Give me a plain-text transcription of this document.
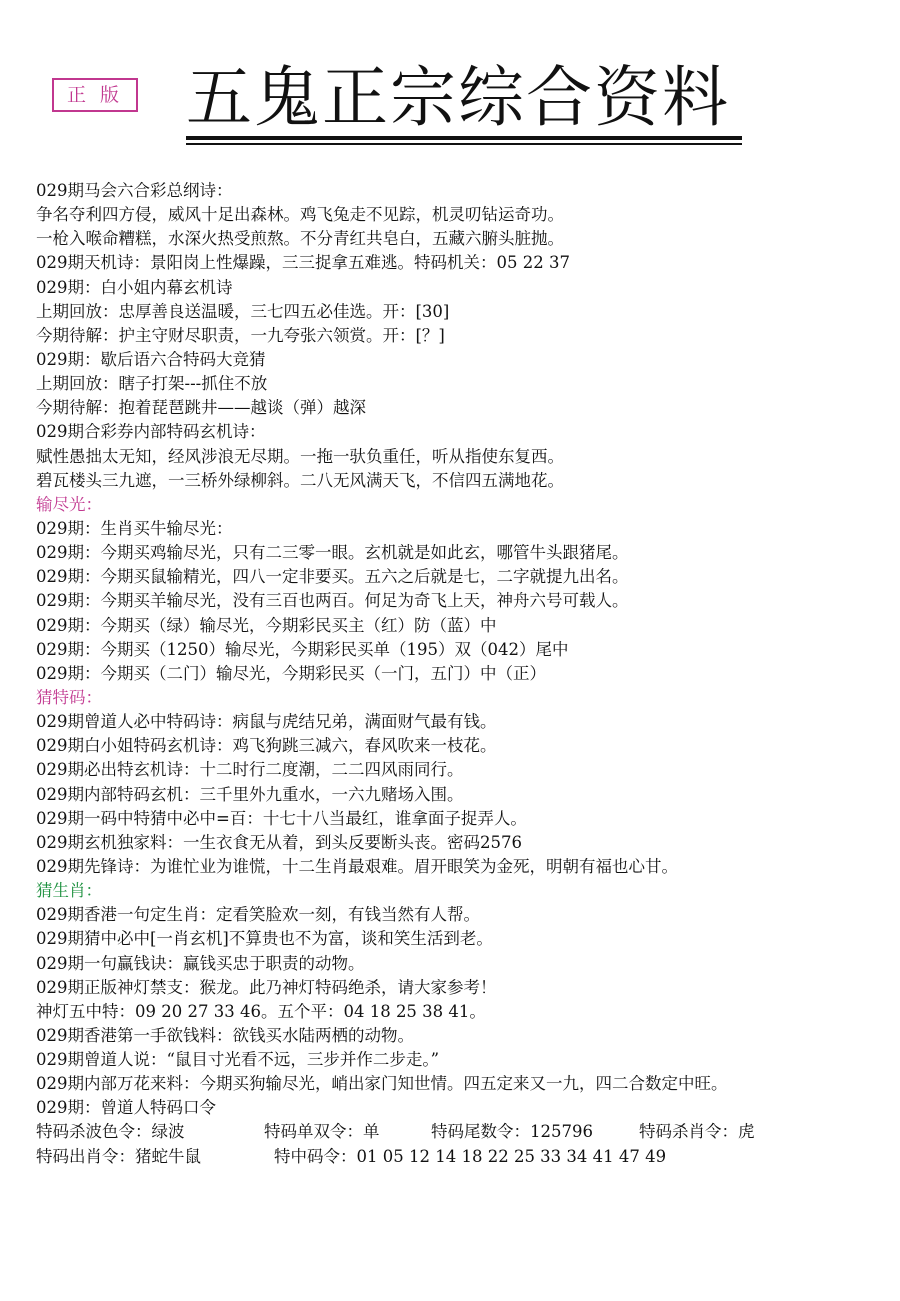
正 版 五鬼正宗综合资料
029期马会六合彩总纲诗：
争名夺利四方侵，威风十足出森林。鸡飞兔走不见踪，机灵叨钻运奇功。
一枪入喉命糟糕，水深火热受煎熬。不分青红共皂白，五藏六腑头脏抛。
029期天机诗：景阳岗上性爆躁，三三捉拿五难逃。特码机关：05 22 37
029期：白小姐内幕玄机诗
上期回放：忠厚善良送温暖，三七四五必佳选。开：[30]
今期待解：护主守财尽职责，一九夸张六领赏。开：[？]
029期：歇后语六合特码大竞猜
上期回放：瞎子打架---抓住不放
今期待解：抱着琵琶跳井——越谈（弹）越深
029期合彩券内部特码玄机诗：
赋性愚拙太无知，经风涉浪无尽期。一拖一驮负重任，听从指使东复西。
碧瓦楼头三九遮，一三桥外绿柳斜。二八无风满天飞，不信四五满地花。
输尽光：
029期：生肖买牛输尽光：
029期：今期买鸡输尽光，只有二三零一眼。玄机就是如此玄，哪管牛头跟猪尾。
029期：今期买鼠输精光，四八一定非要买。五六之后就是七，二字就提九出名。
029期：今期买羊输尽光，没有三百也两百。何足为奇飞上天，神舟六号可载人。
029期：今期买（绿）输尽光，今期彩民买主（红）防（蓝）中
029期：今期买（1250）输尽光，今期彩民买单（195）双（042）尾中
029期：今期买（二门）输尽光，今期彩民买（一门，五门）中（正）
猜特码：
029期曾道人必中特码诗：病鼠与虎结兄弟，满面财气最有钱。
029期白小姐特码玄机诗：鸡飞狗跳三减六，春风吹来一枝花。
029期必出特玄机诗：十二时行二度潮，二二四风雨同行。
029期内部特码玄机：三千里外九重水，一六九赌场入围。
029期一码中特猜中必中=百：十七十八当最红，谁拿面子捉弄人。
029期玄机独家料：一生衣食无从着，到头反要断头丧。密码2576
029期先锋诗：为谁忙业为谁慌，十二生肖最艰难。眉开眼笑为金死，明朝有福也心甘。
猜生肖：
029期香港一句定生肖：定看笑脸欢一刻，有钱当然有人帮。
029期猜中必中[一肖玄机]不算贵也不为富，谈和笑生活到老。
029期一句赢钱诀：赢钱买忠于职责的动物。
029期正版神灯禁支：猴龙。此乃神灯特码绝杀，请大家参考！
神灯五中特：09 20 27 33 46。五个平：04 18 25 38 41。
029期香港第一手欲钱料：欲钱买水陆两栖的动物。
029期曾道人说：“鼠目寸光看不远，三步并作二步走。”
029期内部万花来料：今期买狗输尽光，峭出家门知世情。四五定来又一九，四二合数定中旺。
029期：曾道人特码口令
特码杀波色令：绿波	特码单双令：单	特码尾数令：125796	特码杀肖令：虎
特码出肖令：猪蛇牛鼠	特中码令：01 05 12 14 18 22 25 33 34 41 47 49
